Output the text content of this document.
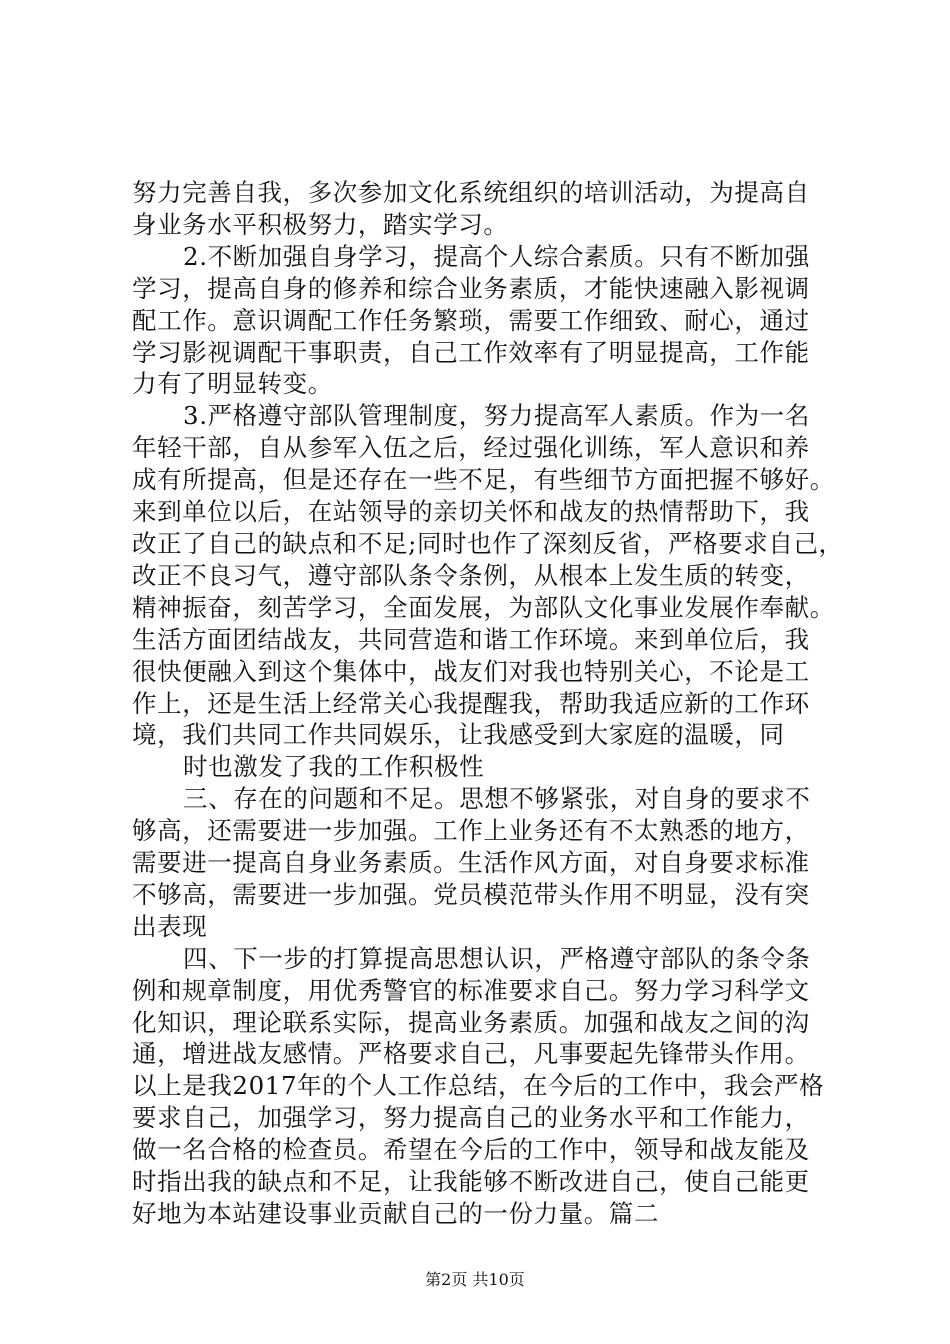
努力完善自我，多次参加文化系统组织的培训活动，为提高自
身业务水平积极努力，踏实学习。
2.不断加强自身学习，提高个人综合素质。只有不断加强
学习，提高自身的修养和综合业务素质，才能快速融入影视调
配工作。意识调配工作任务繁琐，需要工作细致、耐心，通过
学习影视调配干事职责，自己工作效率有了明显提高，工作能
力有了明显转变。
3.严格遵守部队管理制度，努力提高军人素质。作为一名
年轻干部，自从参军入伍之后，经过强化训练，军人意识和养
成有所提高，但是还存在一些不足，有些细节方面把握不够好。
来到单位以后，在站领导的亲切关怀和战友的热情帮助下，我
改正了自己的缺点和不足;同时也作了深刻反省，严格要求自己，
改正不良习气，遵守部队条令条例，从根本上发生质的转变，
精神振奋，刻苦学习，全面发展，为部队文化事业发展作奉献。
生活方面团结战友，共同营造和谐工作环境。来到单位后，我
很快便融入到这个集体中，战友们对我也特别关心，不论是工
作上，还是生活上经常关心我提醒我，帮助我适应新的工作环
境，我们共同工作共同娱乐，让我感受到大家庭的温暖，同
时也激发了我的工作积极性
三、存在的问题和不足。思想不够紧张，对自身的要求不
够高，还需要进一步加强。工作上业务还有不太熟悉的地方，
需要进一提高自身业务素质。生活作风方面，对自身要求标准
不够高，需要进一步加强。党员模范带头作用不明显，没有突
出表现
四、下一步的打算提高思想认识，严格遵守部队的条令条
例和规章制度，用优秀警官的标准要求自己。努力学习科学文
化知识，理论联系实际，提高业务素质。加强和战友之间的沟
通，增进战友感情。严格要求自己，凡事要起先锋带头作用。
以上是我2017年的个人工作总结，在今后的工作中，我会严格
要求自己，加强学习，努力提高自己的业务水平和工作能力，
做一名合格的检查员。希望在今后的工作中，领导和战友能及
时指出我的缺点和不足，让我能够不断改进自己，使自己能更
好地为本站建设事业贡献自己的一份力量。篇二
第2页 共10页
